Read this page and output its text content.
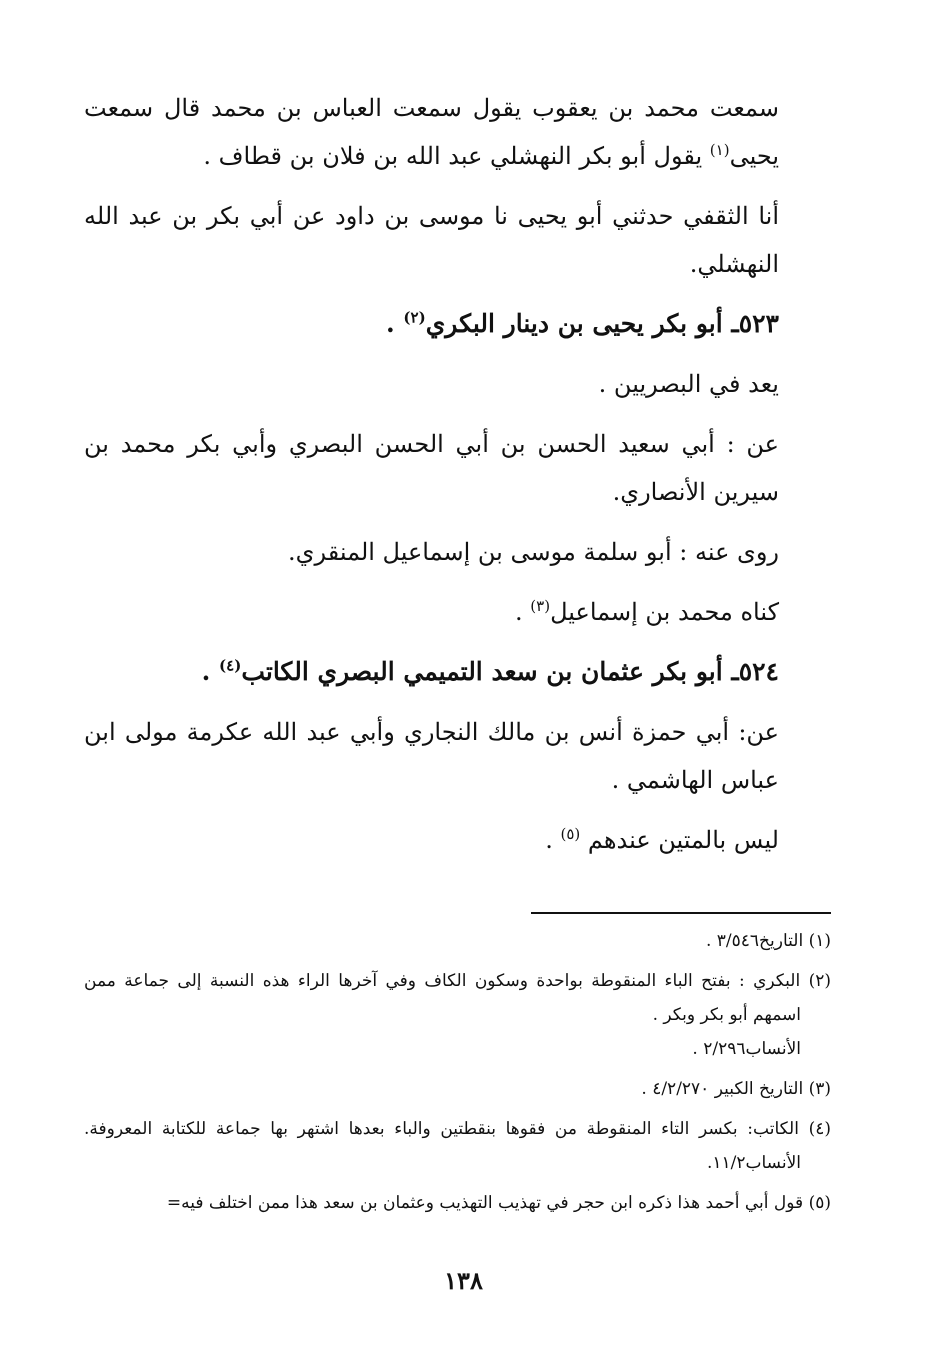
سمعت محمد بن يعقوب يقول سمعت العباس بن محمد قال سمعت يحيى$^{(١)}$ يقول أبو بكر النهشلي عبد الله بن فلان بن قطاف .

أنا الثقفي حدثني أبو يحيى نا موسى بن داود عن أبي بكر بن عبد الله النهشلي.

٥٢٣ـ أبو بكر يحيى بن دينار البكري$^{(٢)}$ .

يعد في البصريين .

عن : أبي سعيد الحسن بن أبي الحسن البصري وأبي بكر محمد بن سيرين الأنصاري.

روى عنه : أبو سلمة موسى بن إسماعيل المنقري.

كناه محمد بن إسماعيل$^{(٣)}$ .

٥٢٤ـ أبو بكر عثمان بن سعد التميمي البصري الكاتب$^{(٤)}$ .

عن: أبي حمزة أنس بن مالك النجاري وأبي عبد الله عكرمة مولى ابن عباس الهاشمي .

ليس بالمتين عندهم $^{(٥)}$ .

(١) التاريخ٣/٥٤٦ .

(٢) البكري : بفتح الباء المنقوطة بواحدة وسكون الكاف وفي آخرها الراء هذه النسبة إلى جماعة ممن اسمهم أبو بكر وبكر .
الأنساب٢/٢٩٦ .

(٣) التاريخ الكبير ٤/٢/٢٧٠ .

(٤) الكاتب: بكسر التاء المنقوطة من فقوها بنقطتين والباء بعدها اشتهر بها جماعة للكتابة المعروفة. الأنساب١١/٢.

(٥) قول أبي أحمد هذا ذكره ابن حجر في تهذيب التهذيب وعثمان بن سعد هذا ممن اختلف فيه=

١٣٨
